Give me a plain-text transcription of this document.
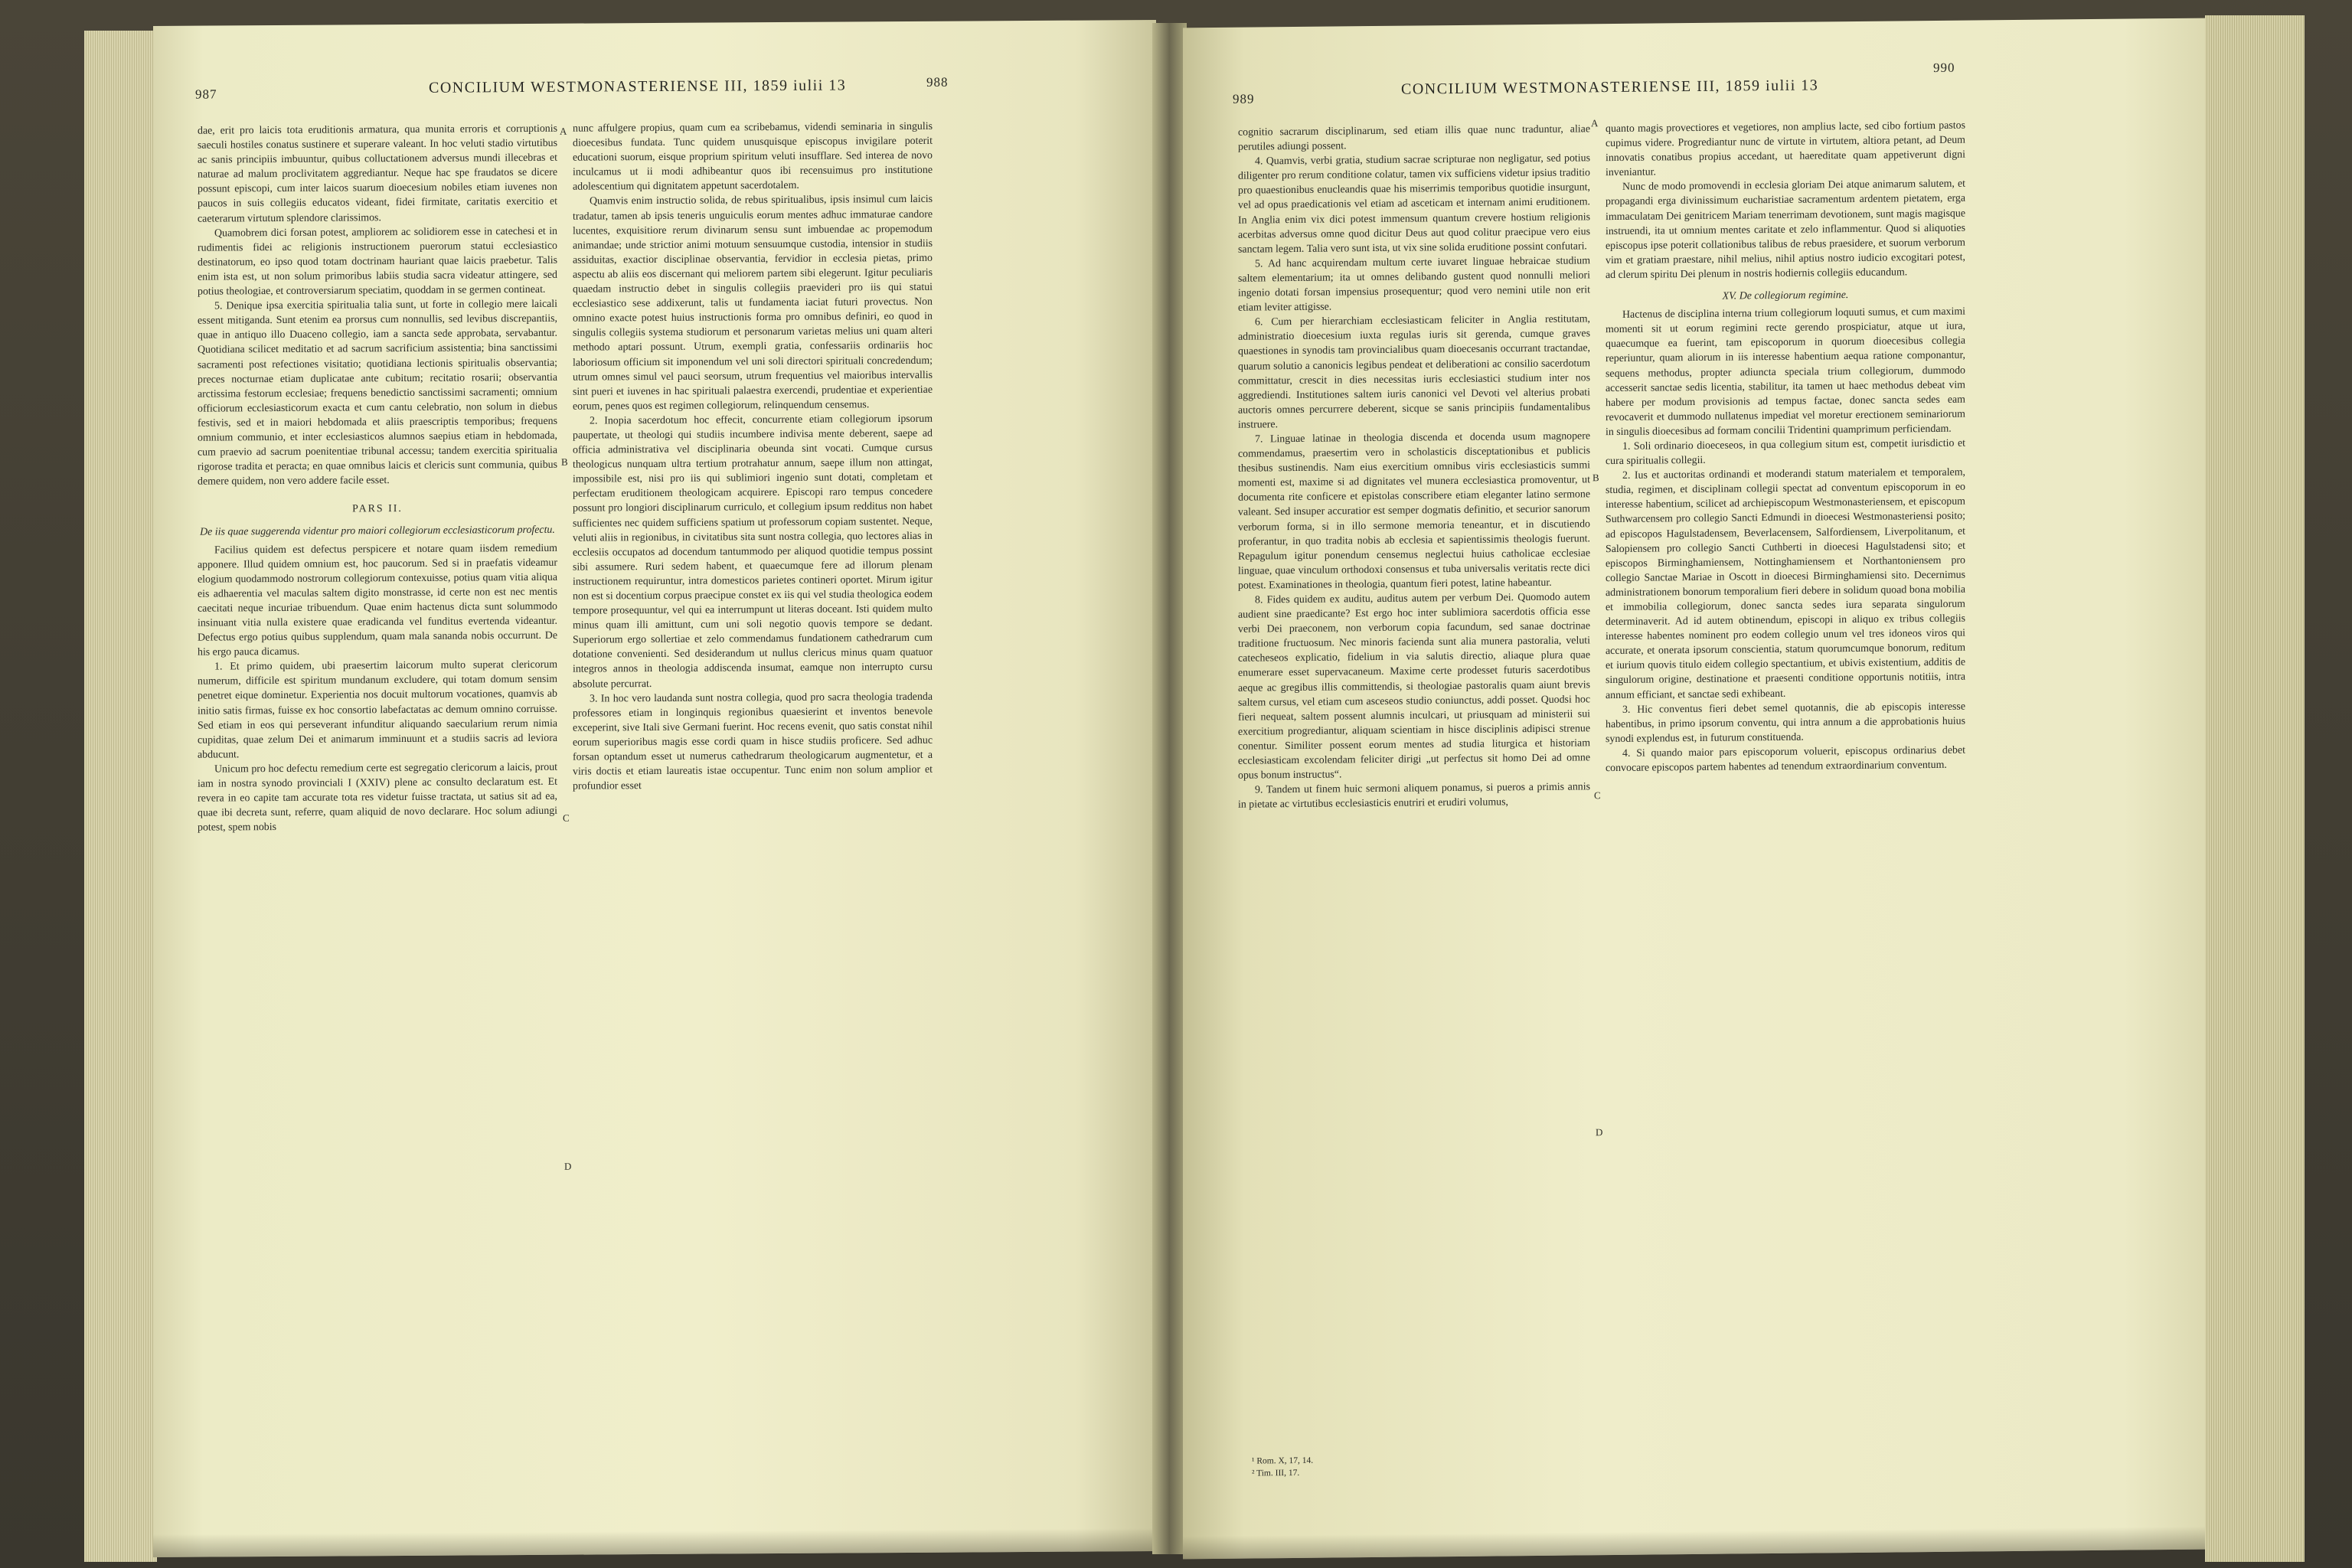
987	CONCILIUM WESTMONASTERIENSE III, 1859 iulii 13	988

dae, erit pro laicis tota eruditionis armatura, qua munita erroris et corruptionis saeculi hostiles conatus sustinere et superare valeant. In hoc veluti stadio virtutibus ac sanis principiis imbuuntur, quibus colluctationem adversus mundi illecebras et naturae ad malum proclivitatem aggrediantur. Neque hac spe fraudatos se dicere possunt episcopi, cum inter laicos suarum dioecesium nobiles etiam iuvenes non paucos in suis collegiis educatos videant, fidei firmitate, caritatis exercitio et caeterarum virtutum splendore clarissimos.

Quamobrem dici forsan potest, ampliorem ac solidiorem esse in catechesi et in rudimentis fidei ac religionis instructionem puerorum statui ecclesiastico destinatorum, eo ipso quod totam doctrinam hauriant quae laicis praebetur. Talis enim ista est, ut non solum primoribus labiis studia sacra videatur attingere, sed potius theologiae, et controversiarum speciatim, quoddam in se germen contineat.

5. Denique ipsa exercitia spiritualia talia sunt, ut forte in collegio mere laicali essent mitiganda. Sunt etenim ea prorsus cum nonnullis, sed levibus discrepantiis, quae in antiquo illo Duaceno collegio, iam a sancta sede approbata, servabantur. Quotidiana scilicet meditatio et ad sacrum sacrificium assistentia; bina sanctissimi sacramenti post refectiones visitatio; quotidiana lectionis spiritualis observantia; preces nocturnae etiam duplicatae ante cubitum; recitatio rosarii; observantia arctissima festorum ecclesiae; frequens benedictio sanctissimi sacramenti; omnium officiorum ecclesiasticorum exacta et cum cantu celebratio, non solum in diebus festivis, sed et in maiori hebdomada et aliis praescriptis temporibus; frequens omnium communio, et inter ecclesiasticos alumnos saepius etiam in hebdomada, cum praevio ad sacrum poenitentiae tribunal accessu; tandem exercitia spiritualia rigorose tradita et peracta; en quae omnibus laicis et clericis sunt communia, quibus demere quidem, non vero addere facile esset.

PARS II.
De iis quae suggerenda videntur pro maiori collegiorum ecclesiasticorum profectu.

Facilius quidem est defectus perspicere et notare quam iisdem remedium apponere. Illud quidem omnium est, hoc paucorum. Sed si in praefatis videamur elogium quodammodo nostrorum collegiorum contexuisse, potius quam vitia aliqua eis adhaerentia vel maculas saltem digito monstrasse, id certe non est nec mentis caecitati neque incuriae tribuendum. Quae enim hactenus dicta sunt solummodo insinuant vitia nulla existere quae eradicanda vel funditus evertenda videantur. Defectus ergo potius quibus supplendum, quam mala sananda nobis occurrunt. De his ergo pauca dicamus.

1. Et primo quidem, ubi praesertim laicorum multo superat clericorum numerum, difficile est spiritum mundanum excludere, qui totam domum sensim penetret eique dominetur. Experientia nos docuit multorum vocationes, quamvis ab initio satis firmas, fuisse ex hoc consortio labefactatas ac demum omnino corruisse. Sed etiam in eos qui perseverant infunditur aliquando saecularium rerum nimia cupiditas, quae zelum Dei et animarum imminuunt et a studiis sacris ad leviora abducunt.

Unicum pro hoc defectu remedium certe est segregatio clericorum a laicis, prout iam in nostra synodo provinciali I (XXIV) plene ac consulto declaratum est. Et revera in eo capite tam accurate tota res videtur fuisse tractata, ut satius sit ad ea, quae ibi decreta sunt, referre, quam aliquid de novo declarare. Hoc solum adiungi potest, spem nobis

A
B
C
D

nunc affulgere propius, quam cum ea scribebamus, videndi seminaria in singulis dioecesibus fundata. Tunc quidem unusquisque episcopus invigilare poterit educationi suorum, eisque proprium spiritum veluti insufflare. Sed interea de novo inculcamus ut ii modi adhibeantur quos ibi recensuimus pro institutione adolescentium qui dignitatem appetunt sacerdotalem.

Quamvis enim instructio solida, de rebus spiritualibus, ipsis insimul cum laicis tradatur, tamen ab ipsis teneris unguiculis eorum mentes adhuc immaturae candore lucentes, exquisitiore rerum divinarum sensu sunt imbuendae ac propemodum animandae; unde strictior animi motuum sensuumque custodia, intensior in studiis assiduitas, exactior disciplinae observantia, fervidior in ecclesia pietas, primo aspectu ab aliis eos discernant qui meliorem partem sibi elegerunt. Igitur peculiaris quaedam instructio debet in singulis collegiis praevideri pro iis qui statui ecclesiastico sese addixerunt, talis ut fundamenta iaciat futuri provectus. Non omnino exacte potest huius instructionis forma pro omnibus definiri, eo quod in singulis collegiis systema studiorum et personarum varietas melius uni quam alteri methodo aptari possunt. Utrum, exempli gratia, confessariis ordinariis hoc laboriosum officium sit imponendum vel uni soli directori spirituali concredendum; utrum omnes simul vel pauci seorsum, utrum frequentius vel maioribus intervallis sint pueri et iuvenes in hac spirituali palaestra exercendi, prudentiae et experientiae eorum, penes quos est regimen collegiorum, relinquendum censemus.

2. Inopia sacerdotum hoc effecit, concurrente etiam collegiorum ipsorum paupertate, ut theologi qui studiis incumbere indivisa mente deberent, saepe ad officia administrativa vel disciplinaria obeunda sint vocati. Cumque cursus theologicus nunquam ultra tertium protrahatur annum, saepe illum non attingat, impossibile est, nisi pro iis qui sublimiori ingenio sunt dotati, completam et perfectam eruditionem theologicam acquirere. Episcopi raro tempus concedere possunt pro longiori disciplinarum curriculo, et collegium ipsum redditus non habet sufficientes nec quidem sufficiens spatium ut professorum copiam sustentet. Neque, veluti aliis in regionibus, in civitatibus sita sunt nostra collegia, quo lectores alias in ecclesiis occupatos ad docendum tantummodo per aliquod quotidie tempus possint sibi assumere. Ruri sedem habent, et quaecumque fere ad illorum plenam instructionem requiruntur, intra domesticos parietes contineri oportet. Mirum igitur non est si docentium corpus praecipue constet ex iis qui vel studia theologica eodem tempore prosequuntur, vel qui ea interrumpunt ut literas doceant. Isti quidem multo minus quam illi amittunt, cum uni soli negotio quovis tempore se dedant. Superiorum ergo sollertiae et zelo commendamus fundationem cathedrarum cum dotatione convenienti. Sed desiderandum ut nullus clericus minus quam quatuor integros annos in theologia addiscenda insumat, eamque non interrupto cursu absolute percurrat.

3. In hoc vero laudanda sunt nostra collegia, quod pro sacra theologia tradenda professores etiam in longinquis regionibus quaesierint et inventos benevole exceperint, sive Itali sive Germani fuerint. Hoc recens evenit, quo satis constat nihil eorum superioribus magis esse cordi quam in hisce studiis proficere. Sed adhuc forsan optandum esset ut numerus cathedrarum theologicarum augmentetur, et a viris doctis et etiam laureatis istae occupentur. Tunc enim non solum amplior et profundior esset

989
CONCILIUM WESTMONASTERIENSE III, 1859 iulii 13
990

cognitio sacrarum disciplinarum, sed etiam illis quae nunc traduntur, aliae perutiles adiungi possent.

4. Quamvis, verbi gratia, studium sacrae scripturae non negligatur, sed potius diligenter pro rerum conditione colatur, tamen vix sufficiens videtur ipsius traditio pro quaestionibus enucleandis quae his miserrimis temporibus quotidie insurgunt, vel ad opus praedicationis vel etiam ad asceticam et internam animi eruditionem. In Anglia enim vix dici potest immensum quantum crevere hostium religionis acerbitas adversus omne quod dicitur Deus aut quod colitur praecipue vero eius sanctam legem. Talia vero sunt ista, ut vix sine solida eruditione possint confutari.

5. Ad hanc acquirendam multum certe iuvaret linguae hebraicae studium saltem elementarium; ita ut omnes delibando gustent quod nonnulli meliori ingenio dotati forsan impensius prosequentur; quod vero nemini utile non erit etiam leviter attigisse.

6. Cum per hierarchiam ecclesiasticam feliciter in Anglia restitutam, administratio dioecesium iuxta regulas iuris sit gerenda, cumque graves quaestiones in synodis tam provincialibus quam dioecesanis occurrant tractandae, quarum solutio a canonicis legibus pendeat et deliberationi ac consilio sacerdotum committatur, crescit in dies necessitas iuris ecclesiastici studium inter nos aggrediendi. Institutiones saltem iuris canonici vel Devoti vel alterius probati auctoris omnes percurrere deberent, sicque se sanis principiis fundamentalibus instruere.

7. Linguae latinae in theologia discenda et docenda usum magnopere commendamus, praesertim vero in scholasticis disceptationibus et publicis thesibus sustinendis. Nam eius exercitium omnibus viris ecclesiasticis summi momenti est, maxime si ad dignitates vel munera ecclesiastica promoventur, ut documenta rite conficere et epistolas conscribere etiam eleganter latino sermone valeant. Sed insuper accuratior est semper dogmatis definitio, et securior sanorum verborum forma, si in illo sermone memoria teneantur, et in discutiendo proferantur, in quo tradita nobis ab ecclesia et sapientissimis theologis fuerunt. Repagulum igitur ponendum censemus neglectui huius catholicae ecclesiae linguae, quae vinculum orthodoxi consensus et tuba universalis veritatis recte dici potest. Examinationes in theologia, quantum fieri potest, latine habeantur.

8. Fides quidem ex auditu, auditus autem per verbum Dei. Quomodo autem audient sine praedicante? Est ergo hoc inter sublimiora sacerdotis officia esse verbi Dei praeconem, non verborum copia facundum, sed sanae doctrinae traditione fructuosum. Nec minoris facienda sunt alia munera pastoralia, veluti catecheseos explicatio, fidelium in via salutis directio, aliaque plura quae enumerare esset supervacaneum. Maxime certe prodesset futuris sacerdotibus aeque ac gregibus illis committendis, si theologiae pastoralis quam aiunt brevis saltem cursus, vel etiam cum asceseos studio coniunctus, addi posset. Quodsi hoc fieri nequeat, saltem possent alumnis inculcari, ut priusquam ad ministerii sui exercitium progrediantur, aliquam scientiam in hisce disciplinis adipisci strenue conentur. Similiter possent eorum mentes ad studia liturgica et historiam ecclesiasticam excolendam feliciter dirigi „ut perfectus sit homo Dei ad omne opus bonum instructus“.

9. Tandem ut finem huic sermoni aliquem ponamus, si pueros a primis annis in pietate ac virtutibus ecclesiasticis enutriri et erudiri volumus,

¹ Rom. X, 17, 14.
² Tim. III, 17.
A
B
C
D

quanto magis provectiores et vegetiores, non amplius lacte, sed cibo fortium pastos cupimus videre. Progrediantur nunc de virtute in virtutem, altiora petant, ad Deum innovatis conatibus propius accedant, ut haereditate quam appetiverunt digni inveniantur.

Nunc de modo promovendi in ecclesia gloriam Dei atque animarum salutem, et propagandi erga divinissimum eucharistiae sacramentum ardentem pietatem, erga immaculatam Dei genitricem Mariam tenerrimam devotionem, sunt magis magisque instruendi, ita ut omnium mentes caritate et zelo inflammentur. Quod si aliquoties episcopus ipse poterit collationibus talibus de rebus praesidere, et suorum verborum vim et gratiam praestare, nihil melius, nihil aptius nostro iudicio excogitari potest, ad clerum spiritu Dei plenum in nostris hodiernis collegiis educandum.

XV. De collegiorum regimine.

Hactenus de disciplina interna trium collegiorum loquuti sumus, et cum maximi momenti sit ut eorum regimini recte gerendo prospiciatur, atque ut iura, quaecumque ea fuerint, tam episcoporum in quorum dioecesibus collegia reperiuntur, quam aliorum in iis interesse habentium aequa ratione componantur, sequens methodus, propter adiuncta speciala trium collegiorum, dummodo accesserit sanctae sedis licentia, stabilitur, ita tamen ut haec methodus debeat vim habere per modum provisionis ad tempus factae, donec sancta sedes eam revocaverit et dummodo nullatenus impediat vel moretur erectionem seminariorum in singulis dioecesibus ad formam concilii Tridentini quamprimum perficiendam.

1. Soli ordinario dioeceseos, in qua collegium situm est, competit iurisdictio et cura spiritualis collegii.

2. Ius et auctoritas ordinandi et moderandi statum materialem et temporalem, studia, regimen, et disciplinam collegii spectat ad conventum episcoporum in eo interesse habentium, scilicet ad archiepiscopum Westmonasteriensem, et episcopum Suthwarcensem pro collegio Sancti Edmundi in dioecesi Westmonasteriensi posito; ad episcopos Hagulstadensem, Beverlacensem, Salfordiensem, Liverpolitanum, et Salopiensem pro collegio Sancti Cuthberti in dioecesi Hagulstadensi sito; et episcopos Birminghamiensem, Nottinghamiensem et Northantoniensem pro collegio Sanctae Mariae in Oscott in dioecesi Birminghamiensi sito. Decernimus administrationem bonorum temporalium fieri debere in solidum quoad bona mobilia et immobilia collegiorum, donec sancta sedes iura separata singulorum determinaverit. Ad id autem obtinendum, episcopi in aliquo ex tribus collegiis interesse habentes nominent pro eodem collegio unum vel tres idoneos viros qui accurate, et onerata ipsorum conscientia, statum quorumcumque bonorum, reditum et iurium quovis titulo eidem collegio spectantium, et ubivis existentium, additis de singulorum origine, destinatione et praesenti conditione opportunis notitiis, intra annum efficiant, et sanctae sedi exhibeant.

3. Hic conventus fieri debet semel quotannis, die ab episcopis interesse habentibus, in primo ipsorum conventu, qui intra annum a die approbationis huius synodi explendus est, in futurum constituenda.

4. Si quando maior pars episcoporum voluerit, episcopus ordinarius debet convocare episcopos partem habentes ad tenendum extraordinarium conventum.
